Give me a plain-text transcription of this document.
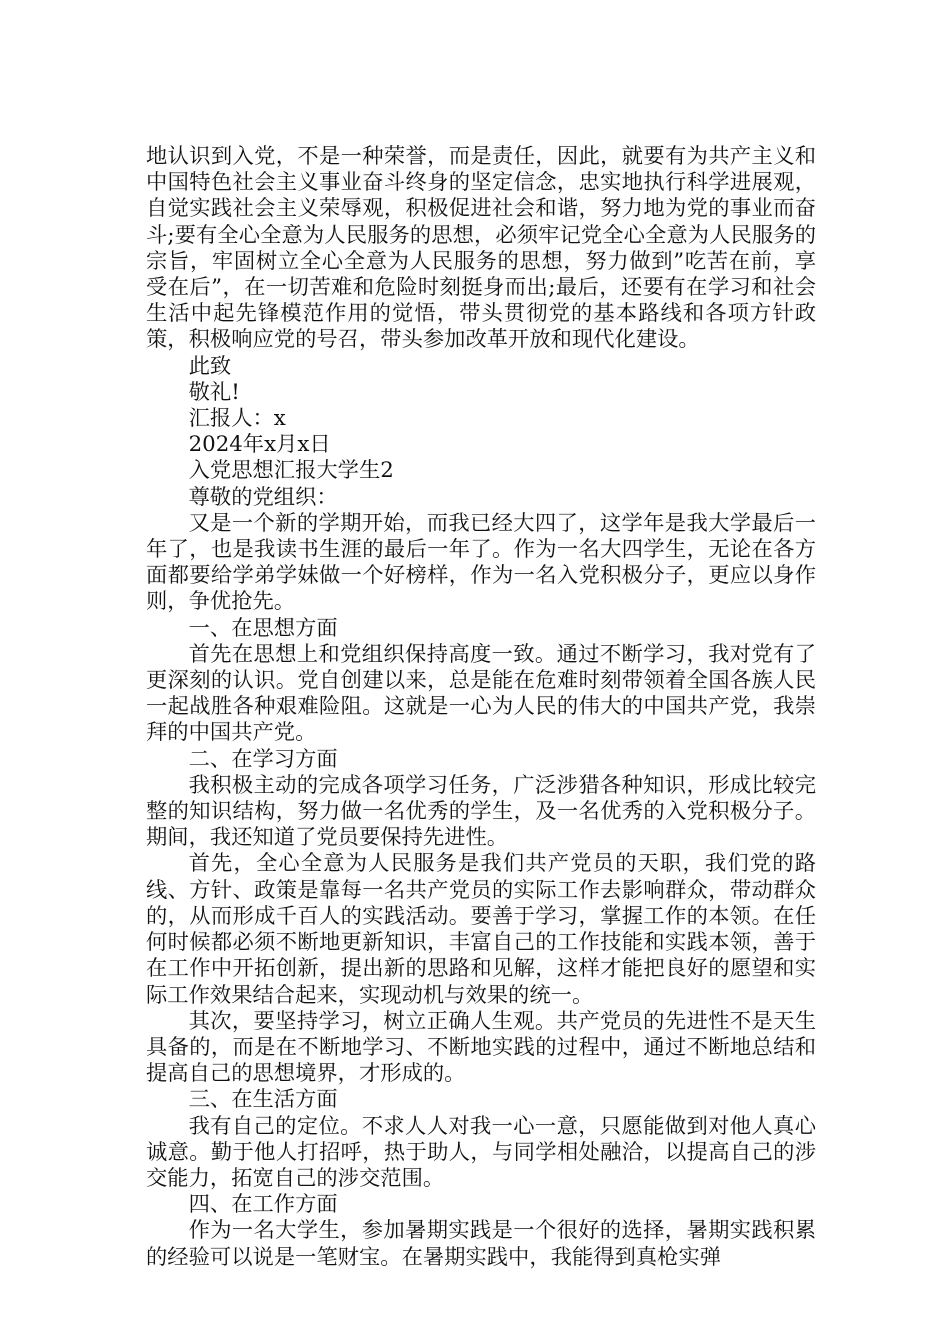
地认识到入党，不是一种荣誉，而是责任，因此，就要有为共产主义和中国特色社会主义事业奋斗终身的坚定信念，忠实地执行科学进展观，自觉实践社会主义荣辱观，积极促进社会和谐，努力地为党的事业而奋斗;要有全心全意为人民服务的思想，必须牢记党全心全意为人民服务的宗旨，牢固树立全心全意为人民服务的思想，努力做到”吃苦在前，享受在后”，在一切苦难和危险时刻挺身而出;最后，还要有在学习和社会生活中起先锋模范作用的觉悟，带头贯彻党的基本路线和各项方针政策，积极响应党的号召，带头参加改革开放和现代化建设。

此致

敬礼!

汇报人：x

2024年x月x日

入党思想汇报大学生2

尊敬的党组织：

又是一个新的学期开始，而我已经大四了，这学年是我大学最后一年了，也是我读书生涯的最后一年了。作为一名大四学生，无论在各方面都要给学弟学妹做一个好榜样，作为一名入党积极分子，更应以身作则，争优抢先。

一、在思想方面

首先在思想上和党组织保持高度一致。通过不断学习，我对党有了更深刻的认识。党自创建以来，总是能在危难时刻带领着全国各族人民一起战胜各种艰难险阻。这就是一心为人民的伟大的中国共产党，我崇拜的中国共产党。

二、在学习方面

我积极主动的完成各项学习任务，广泛涉猎各种知识，形成比较完整的知识结构，努力做一名优秀的学生，及一名优秀的入党积极分子。期间，我还知道了党员要保持先进性。

首先，全心全意为人民服务是我们共产党员的天职，我们党的路线、方针、政策是靠每一名共产党员的实际工作去影响群众，带动群众的，从而形成千百人的实践活动。要善于学习，掌握工作的本领。在任何时候都必须不断地更新知识，丰富自己的工作技能和实践本领，善于在工作中开拓创新，提出新的思路和见解，这样才能把良好的愿望和实际工作效果结合起来，实现动机与效果的统一。

其次，要坚持学习，树立正确人生观。共产党员的先进性不是天生具备的，而是在不断地学习、不断地实践的过程中，通过不断地总结和提高自己的思想境界，才形成的。

三、在生活方面

我有自己的定位。不求人人对我一心一意，只愿能做到对他人真心诚意。勤于他人打招呼，热于助人，与同学相处融洽，以提高自己的涉交能力，拓宽自己的涉交范围。

四、在工作方面

作为一名大学生，参加暑期实践是一个很好的选择，暑期实践积累的经验可以说是一笔财宝。在暑期实践中，我能得到真枪实弹
